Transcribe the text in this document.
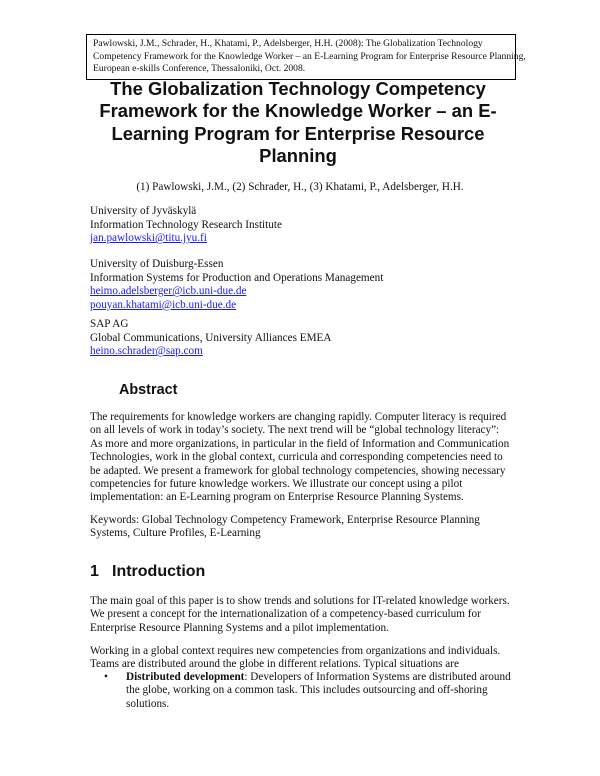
Pawlowski, J.M., Schrader, H., Khatami, P., Adelsberger, H.H. (2008): The Globalization Technology
Competency Framework for the Knowledge Worker – an E-Learning Program for Enterprise Resource Planning,
European e-skills Conference, Thessaloniki, Oct. 2008.
The Globalization Technology Competency
Framework for the Knowledge Worker – an E-
Learning Program for Enterprise Resource
Planning
(1) Pawlowski, J.M., (2) Schrader, H., (3) Khatami, P., Adelsberger, H.H.
University of Jyväskylä
Information Technology Research Institute
jan.pawlowski@titu.jyu.fi
University of Duisburg-Essen
Information Systems for Production and Operations Management
heimo.adelsberger@icb.uni-due.de
pouyan.khatami@icb.uni-due.de
SAP AG
Global Communications, University Alliances EMEA
heino.schrader@sap.com
Abstract
The requirements for knowledge workers are changing rapidly. Computer literacy is required
on all levels of work in today’s society. The next trend will be “global technology literacy”:
As more and more organizations, in particular in the field of Information and Communication
Technologies, work in the global context, curricula and corresponding competencies need to
be adapted. We present a framework for global technology competencies, showing necessary
competencies for future knowledge workers. We illustrate our concept using a pilot
implementation: an E-Learning program on Enterprise Resource Planning Systems.
Keywords: Global Technology Competency Framework, Enterprise Resource Planning
Systems, Culture Profiles, E-Learning
1 Introduction
The main goal of this paper is to show trends and solutions for IT-related knowledge workers.
We present a concept for the internationalization of a competency-based curriculum for
Enterprise Resource Planning Systems and a pilot implementation.
Working in a global context requires new competencies from organizations and individuals.
Teams are distributed around the globe in different relations. Typical situations are
• Distributed development: Developers of Information Systems are distributed around
the globe, working on a common task. This includes outsourcing and off-shoring
solutions.
